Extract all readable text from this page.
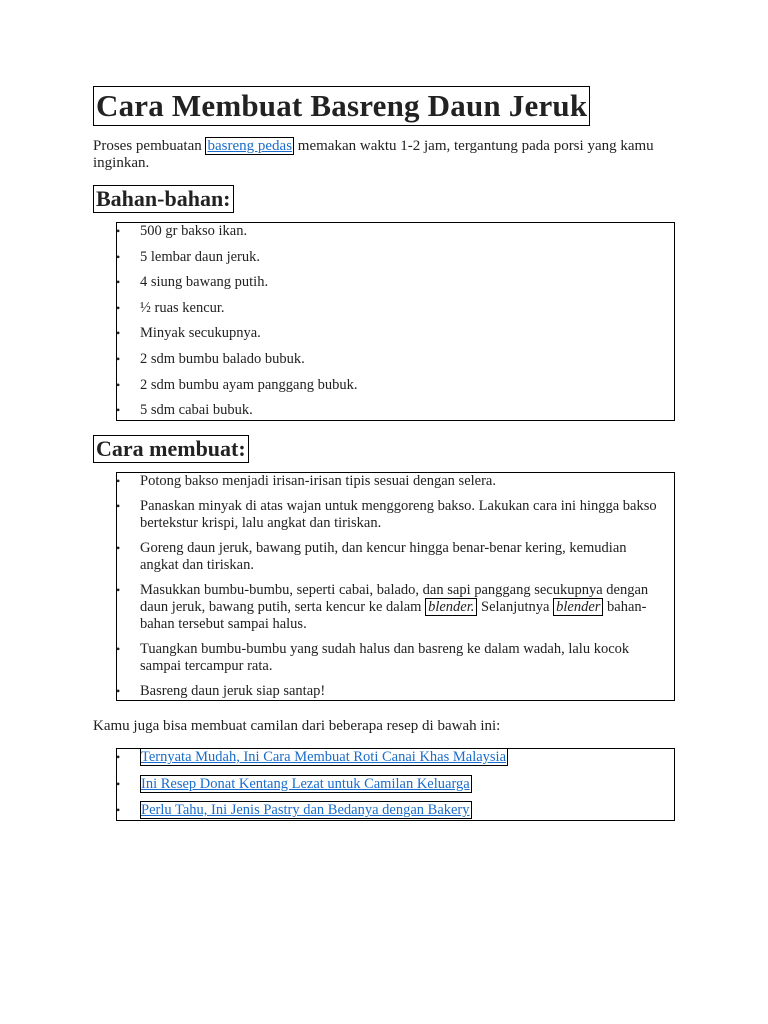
Cara Membuat Basreng Daun Jeruk

Proses pembuatan basreng pedas memakan waktu 1-2 jam, tergantung pada porsi yang kamu inginkan.

Bahan-bahan:
• 500 gr bakso ikan.
• 5 lembar daun jeruk.
• 4 siung bawang putih.
• ½ ruas kencur.
• Minyak secukupnya.
• 2 sdm bumbu balado bubuk.
• 2 sdm bumbu ayam panggang bubuk.
• 5 sdm cabai bubuk.
Cara membuat:
• Potong bakso menjadi irisan-irisan tipis sesuai dengan selera.
• Panaskan minyak di atas wajan untuk menggoreng bakso. Lakukan cara ini hingga bakso bertekstur krispi, lalu angkat dan tiriskan.
• Goreng daun jeruk, bawang putih, dan kencur hingga benar-benar kering, kemudian angkat dan tiriskan.
• Masukkan bumbu-bumbu, seperti cabai, balado, dan sapi panggang secukupnya dengan daun jeruk, bawang putih, serta kencur ke dalam blender. Selanjutnya blender bahan-bahan tersebut sampai halus.
• Tuangkan bumbu-bumbu yang sudah halus dan basreng ke dalam wadah, lalu kocok sampai tercampur rata.
• Basreng daun jeruk siap santap!

Kamu juga bisa membuat camilan dari beberapa resep di bawah ini:

• Ternyata Mudah, Ini Cara Membuat Roti Canai Khas Malaysia
• Ini Resep Donat Kentang Lezat untuk Camilan Keluarga
• Perlu Tahu, Ini Jenis Pastry dan Bedanya dengan Bakery
